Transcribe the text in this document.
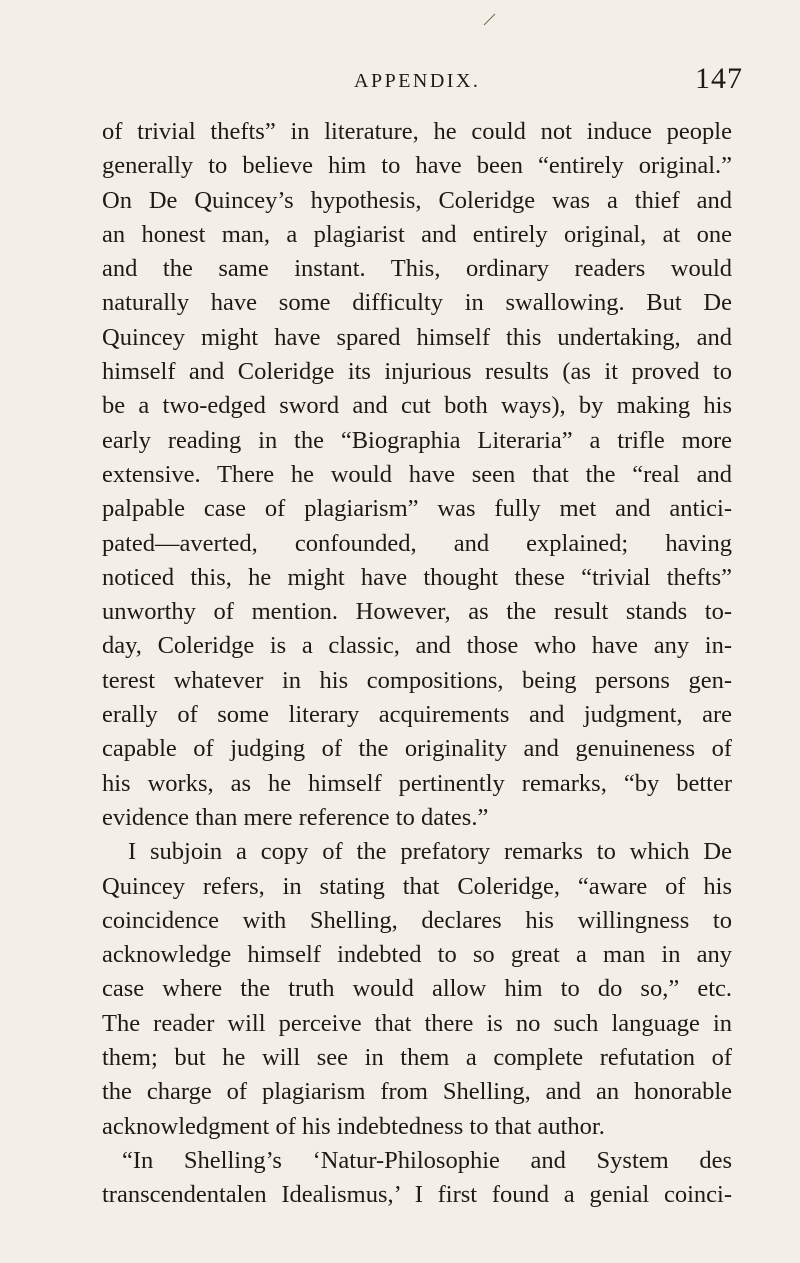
APPENDIX.	147
of trivial thefts” in literature, he could not induce people
generally to believe him to have been “entirely original.”
On De Quincey’s hypothesis, Coleridge was a thief and
an honest man, a plagiarist and entirely original, at one
and the same instant. This, ordinary readers would
naturally have some difficulty in swallowing. But De
Quincey might have spared himself this undertaking, and
himself and Coleridge its injurious results (as it proved to
be a two-edged sword and cut both ways), by making his
early reading in the “Biographia Literaria” a trifle more
extensive. There he would have seen that the “real and
palpable case of plagiarism” was fully met and antici-
pated—averted, confounded, and explained; having
noticed this, he might have thought these “trivial thefts”
unworthy of mention. However, as the result stands to-
day, Coleridge is a classic, and those who have any in-
terest whatever in his compositions, being persons gen-
erally of some literary acquirements and judgment, are
capable of judging of the originality and genuineness of
his works, as he himself pertinently remarks, “by better
evidence than mere reference to dates.”
I subjoin a copy of the prefatory remarks to which De
Quincey refers, in stating that Coleridge, “aware of his
coincidence with Shelling, declares his willingness to
acknowledge himself indebted to so great a man in any
case where the truth would allow him to do so,” etc.
The reader will perceive that there is no such language in
them; but he will see in them a complete refutation of
the charge of plagiarism from Shelling, and an honorable
acknowledgment of his indebtedness to that author.
“In Shelling’s ‘Natur-Philosophie and System des
transcendentalen Idealismus,’ I first found a genial coinci-
